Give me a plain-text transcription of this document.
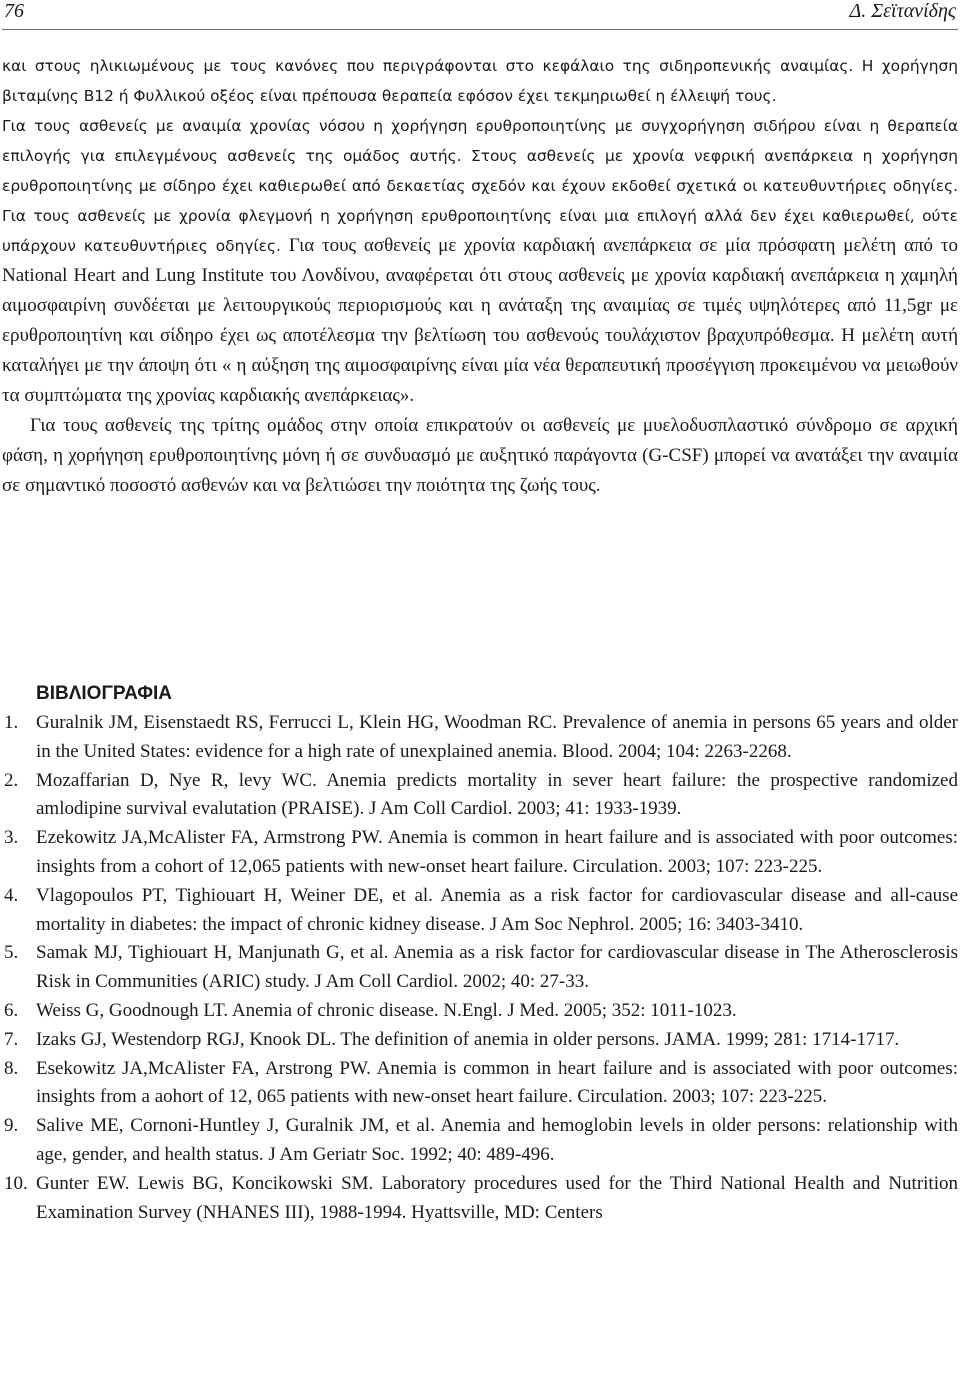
76	Δ. Σεϊτανίδης

και στους ηλικιωμένους με τους κανόνες που περιγράφονται στο κεφάλαιο της σιδηροπενικής αναιμίας. Η χορήγηση βιταμίνης Β12 ή Φυλλικού οξέος είναι πρέπουσα θεραπεία εφόσον έχει τεκμηριωθεί η έλλειψή τους.

Για τους ασθενείς με αναιμία χρονίας νόσου η χορήγηση ερυθροποιητίνης με συγχορήγηση σιδήρου είναι η θεραπεία επιλογής για επιλεγμένους ασθενείς της ομάδος αυτής. Στους ασθενείς με χρονία νεφρική ανεπάρκεια η χορήγηση ερυθροποιητίνης με σίδηρο έχει καθιερωθεί από δεκαετίας σχεδόν και έχουν εκδοθεί σχετικά οι κατευθυντήριες οδηγίες. Για τους ασθενείς με χρονία φλεγμονή η χορήγηση ερυθροποιητίνης είναι μια επιλογή αλλά δεν έχει καθιερωθεί, ούτε υπάρχουν κατευθυντήριες οδηγίες. Για τους ασθενείς με χρονία καρδιακή ανεπάρκεια σε μία πρόσφατη μελέτη από το National Heart and Lung Institute του Λονδίνου, αναφέρεται ότι στους ασθενείς με χρονία καρδιακή ανεπάρκεια η χαμηλή αιμοσφαιρίνη συνδέεται με λειτουργικούς περιορισμούς και η ανάταξη της αναιμίας σε τιμές υψηλότερες από 11,5gr με ερυθροποιητίνη και σίδηρο έχει ως αποτέλεσμα την βελτίωση του ασθενούς τουλάχιστον βραχυπρόθεσμα. Η μελέτη αυτή καταλήγει με την άποψη ότι « η αύξηση της αιμοσφαιρίνης είναι μία νέα θεραπευτική προσέγγιση προκειμένου να μειωθούν τα συμπτώματα της χρονίας καρδιακής ανεπάρκειας».

Για τους ασθενείς της τρίτης ομάδος στην οποία επικρατούν οι ασθενείς με μυελοδυσπλαστικό σύνδρομο σε αρχική φάση, η χορήγηση ερυθροποιητίνης μόνη ή σε συνδυασμό με αυξητικό παράγοντα (G-CSF) μπορεί να ανατάξει την αναιμία σε σημαντικό ποσοστό ασθενών και να βελτιώσει την ποιότητα της ζωής τους.

ΒΙΒΛΙΟΓΡΑΦΙΑ
1. Guralnik JM, Eisenstaedt RS, Ferrucci L, Klein HG, Woodman RC. Prevalence of anemia in persons 65 years and older in the United States: evidence for a high rate of unexplained anemia. Blood. 2004; 104: 2263-2268.
2. Mozaffarian D, Nye R, levy WC. Anemia predicts mortality in sever heart failure: the prospective randomized amlodipine survival evalutation (PRAISE). J Am Coll Cardiol. 2003; 41: 1933-1939.
3. Ezekowitz JA,McAlister FA, Armstrong PW. Anemia is common in heart failure and is associated with poor outcomes: insights from a cohort of 12,065 patients with new-onset heart failure. Circulation. 2003; 107: 223-225.
4. Vlagopoulos PT, Tighiouart H, Weiner DE, et al. Anemia as a risk factor for cardiovascular disease and all-cause mortality in diabetes: the impact of chronic kidney disease. J Am Soc Nephrol. 2005; 16: 3403-3410.
5. Samak MJ, Tighiouart H, Manjunath G, et al. Anemia as a risk factor for cardiovascular disease in The Atherosclerosis Risk in Communities (ARIC) study. J Am Coll Cardiol. 2002; 40: 27-33.
6. Weiss G, Goodnough LT. Anemia of chronic disease. N.Engl. J Med. 2005; 352: 1011-1023.
7. Izaks GJ, Westendorp RGJ, Knook DL. The definition of anemia in older persons. JAMA. 1999; 281: 1714-1717.
8. Esekowitz JA,McAlister FA, Arstrong PW. Anemia is common in heart failure and is associated with poor outcomes: insights from a aohort of 12, 065 patients with new-onset heart failure. Circulation. 2003; 107: 223-225.
9. Salive ME, Cornoni-Huntley J, Guralnik JM, et al. Anemia and hemoglobin levels in older persons: relationship with age, gender, and health status. J Am Geriatr Soc. 1992; 40: 489-496.
10. Gunter EW. Lewis BG, Koncikowski SM. Laboratory procedures used for the Third National Health and Nutrition Examination Survey (NHANES III), 1988-1994. Hyattsville, MD: Centers
